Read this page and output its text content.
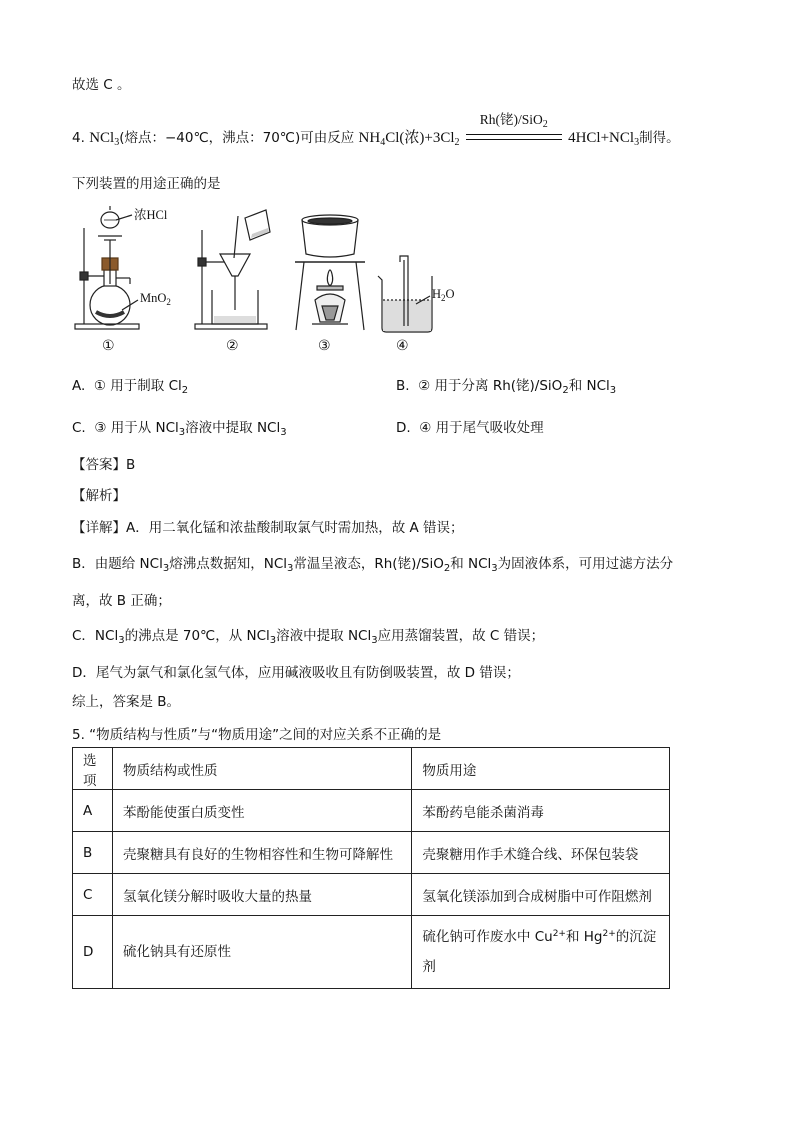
故选 C 。
4. NCl$_3$(熔点：−40℃，沸点：70℃)可由反应 $NH_4Cl$(浓)$+3Cl_2$
Rh(铑)/SiO$_2$
4HCl+NCl$_3$制得。
下列装置的用途正确的是
浓HCl
MnO$_2$
$H_2O$
①	②	③	④
A. ① 用于制取 $Cl_2$	B. ② 用于分离 Rh(铑)/SiO$_2$和 NCl$_3$
C. ③ 用于从 NCl$_3$溶液中提取 NCl$_3$	D. ④ 用于尾气吸收处理
【答案】B
【解析】
【详解】A．用二氧化锰和浓盐酸制取氯气时需加热，故 A 错误；
B．由题给 NCl$_3$熔沸点数据知，NCl$_3$常温呈液态，Rh(铑)/SiO$_2$和 NCl$_3$为固液体系，可用过滤方法分
离，故 B 正确；
C．NCl$_3$的沸点是 70℃，从 NCl$_3$溶液中提取 NCl$_3$应用蒸馏装置，故 C 错误；
D．尾气为氯气和氯化氢气体，应用碱液吸收且有防倒吸装置，故 D 错误；
综上，答案是 B。
5. “物质结构与性质”与“物质用途”之间的对应关系不正确的是
选项	物质结构或性质	物质用途
A	苯酚能使蛋白质变性	苯酚药皂能杀菌消毒
B	壳聚糖具有良好的生物相容性和生物可降解性	壳聚糖用作手术缝合线、环保包装袋
C	氢氧化镁分解时吸收大量的热量	氢氧化镁添加到合成树脂中可作阻燃剂
D	硫化钠具有还原性	硫化钠可作废水中 $Cu^{2+}$和 $Hg^{2+}$的沉淀
剂
